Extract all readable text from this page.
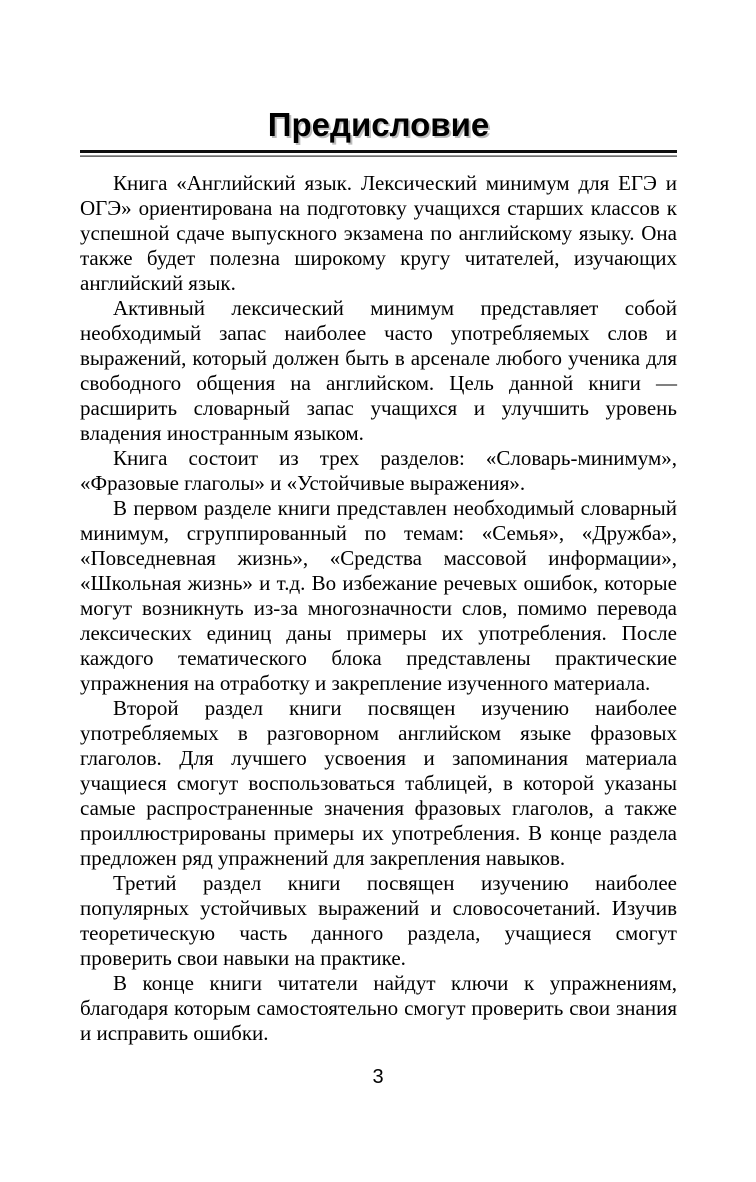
Предисловие

Книга «Английский язык. Лексический минимум для ЕГЭ и ОГЭ» ориентирована на подготовку учащихся старших классов к успешной сдаче выпускного экзамена по английскому языку. Она также будет полезна широкому кругу читателей, изучающих английский язык.

Активный лексический минимум представляет собой необходимый запас наиболее часто употребляемых слов и выражений, который должен быть в арсенале любого ученика для свободного общения на английском. Цель данной книги — расширить словарный запас учащихся и улучшить уровень владения иностранным языком.

Книга состоит из трех разделов: «Словарь-минимум», «Фразовые глаголы» и «Устойчивые выражения».

В первом разделе книги представлен необходимый словарный минимум, сгруппированный по темам: «Семья», «Дружба», «Повседневная жизнь», «Средства массовой информации», «Школьная жизнь» и т.д. Во избежание речевых ошибок, которые могут возникнуть из-за многозначности слов, помимо перевода лексических единиц даны примеры их употребления. После каждого тематического блока представлены практические упражнения на отработку и закрепление изученного материала.

Второй раздел книги посвящен изучению наиболее употребляемых в разговорном английском языке фразовых глаголов. Для лучшего усвоения и запоминания материала учащиеся смогут воспользоваться таблицей, в которой указаны самые распространенные значения фразовых глаголов, а также проиллюстрированы примеры их употребления. В конце раздела предложен ряд упражнений для закрепления навыков.

Третий раздел книги посвящен изучению наиболее популярных устойчивых выражений и словосочетаний. Изучив теоретическую часть данного раздела, учащиеся смогут проверить свои навыки на практике.

В конце книги читатели найдут ключи к упражнениям, благодаря которым самостоятельно смогут проверить свои знания и исправить ошибки.

3
